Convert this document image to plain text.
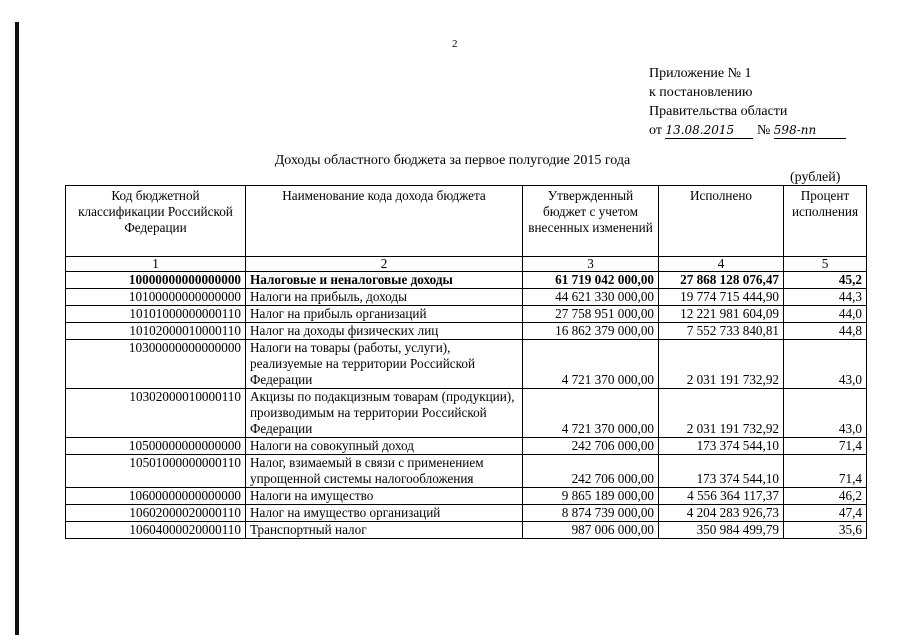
2
Приложение № 1
к постановлению
Правительства области
от 13.08.2015 № 598-пп
Доходы областного бюджета за первое полугодие 2015 года
(рублей)
Код бюджетной классификации Российской Федерации	Наименование кода дохода бюджета	Утвержденный бюджет с учетом внесенных изменений	Исполнено	Процент исполнения
1	2	3	4	5
10000000000000000	Налоговые и неналоговые доходы	61 719 042 000,00	27 868 128 076,47	45,2
10100000000000000	Налоги на прибыль, доходы	44 621 330 000,00	19 774 715 444,90	44,3
10101000000000110	Налог на прибыль организаций	27 758 951 000,00	12 221 981 604,09	44,0
10102000010000110	Налог на доходы физических лиц	16 862 379 000,00	7 552 733 840,81	44,8
10300000000000000	Налоги на товары (работы, услуги), реализуемые на территории Российской Федерации	4 721 370 000,00	2 031 191 732,92	43,0
10302000010000110	Акцизы по подакцизным товарам (продукции), производимым на территории Российской Федерации	4 721 370 000,00	2 031 191 732,92	43,0
10500000000000000	Налоги на совокупный доход	242 706 000,00	173 374 544,10	71,4
10501000000000110	Налог, взимаемый в связи с применением упрощенной системы налогообложения	242 706 000,00	173 374 544,10	71,4
10600000000000000	Налоги на имущество	9 865 189 000,00	4 556 364 117,37	46,2
10602000020000110	Налог на имущество организаций	8 874 739 000,00	4 204 283 926,73	47,4
10604000020000110	Транспортный налог	987 006 000,00	350 984 499,79	35,6
